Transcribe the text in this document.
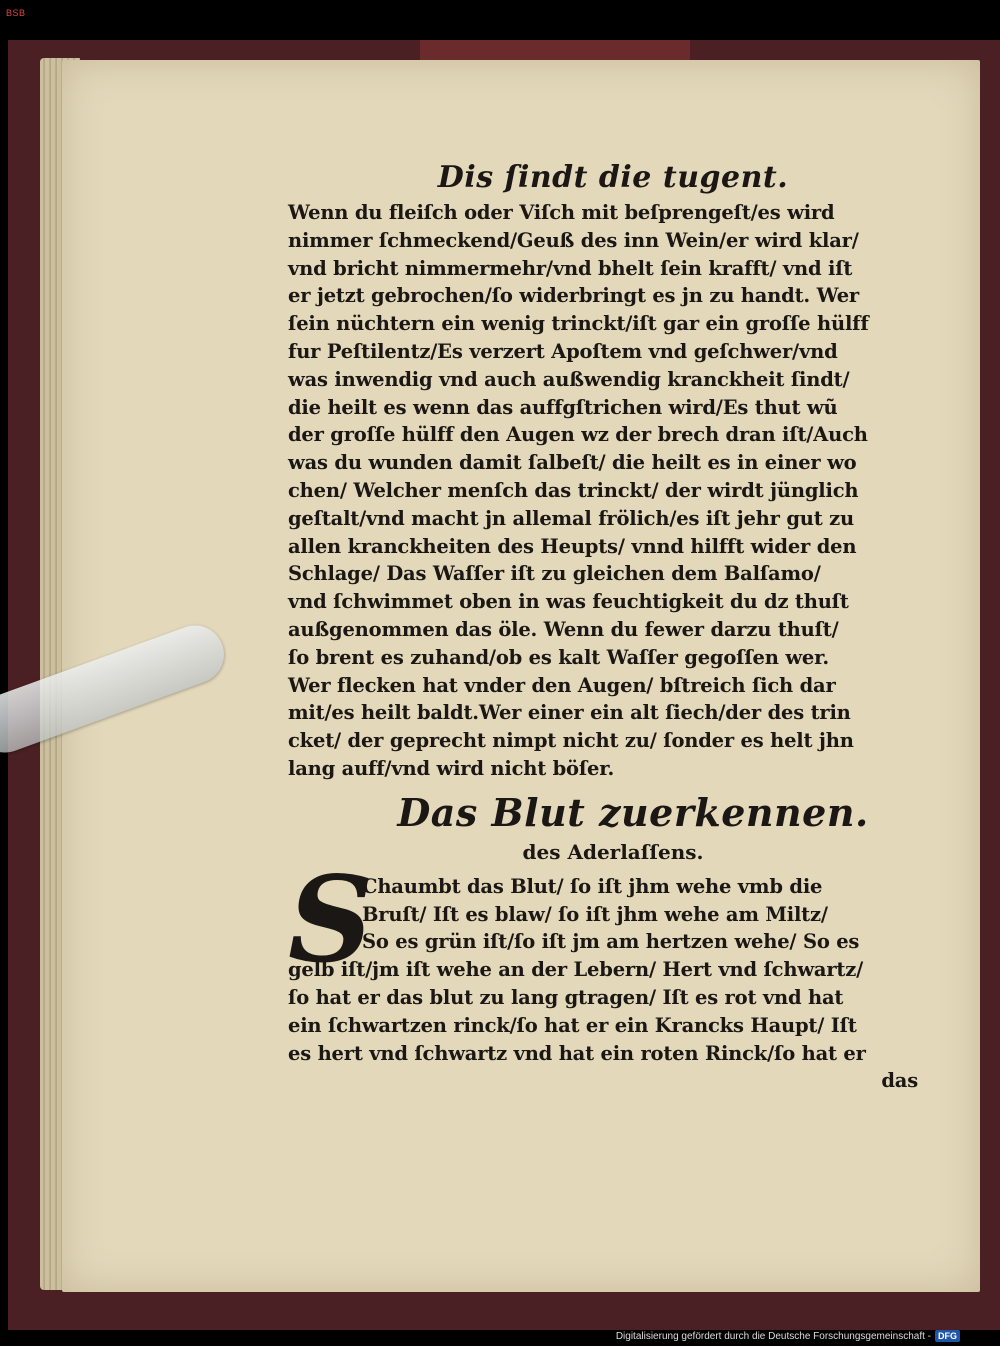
BSB
Dis ſindt die tugent.
Wenn du fleiſch oder Viſch mit beſprengeſt/es wird
nimmer ſchmeckend/Geuß des inn Wein/er wird klar/
vnd bricht nimmermehr/vnd bhelt ſein krafft/ vnd iſt
er jetzt gebrochen/ſo widerbringt es jn zu handt. Wer
ſein nüchtern ein wenig trinckt/iſt gar ein groſſe hülff
fur Peſtilentz/Es verzert Apoſtem vnd geſchwer/vnd
was inwendig vnd auch außwendig kranckheit ſindt/
die heilt es wenn das auffgſtrichen wird/Es thut wũ
der groſſe hülff den Augen wz der brech dran iſt/Auch
was du wunden damit ſalbeſt/ die heilt es in einer wo
chen/ Welcher menſch das trinckt/ der wirdt jünglich
geſtalt/vnd macht jn allemal frölich/es iſt jehr gut zu
allen kranckheiten des Heupts/ vnnd hilfft wider den
Schlage/ Das Waſſer iſt zu gleichen dem Balſamo/
vnd ſchwimmet oben in was feuchtigkeit du dz thuſt
außgenommen das öle. Wenn du fewer darzu thuſt/
ſo brent es zuhand/ob es kalt Waſſer gegoſſen wer.
Wer flecken hat vnder den Augen/ bſtreich ſich dar
mit/es heilt baldt.Wer einer ein alt ſiech/der des trin
cket/ der geprecht nimpt nicht zu/ ſonder es helt jhn
lang auff/vnd wird nicht böſer.
Das Blut zuerkennen.
des Aderlaſſens.
S
Chaumbt das Blut/ ſo iſt jhm wehe vmb die
Bruſt/ Iſt es blaw/ ſo iſt jhm wehe am Miltz/
So es grün iſt/ſo iſt jm am hertzen wehe/ So es
gelb iſt/jm iſt wehe an der Lebern/ Hert vnd ſchwartz/
ſo hat er das blut zu lang gtragen/ Iſt es rot vnd hat
ein ſchwartzen rinck/ſo hat er ein Krancks Haupt/ Iſt
es hert vnd ſchwartz vnd hat ein roten Rinck/ſo hat er
das
Digitalisierung gefördert durch die Deutsche Forschungsgemeinschaft - DFG
